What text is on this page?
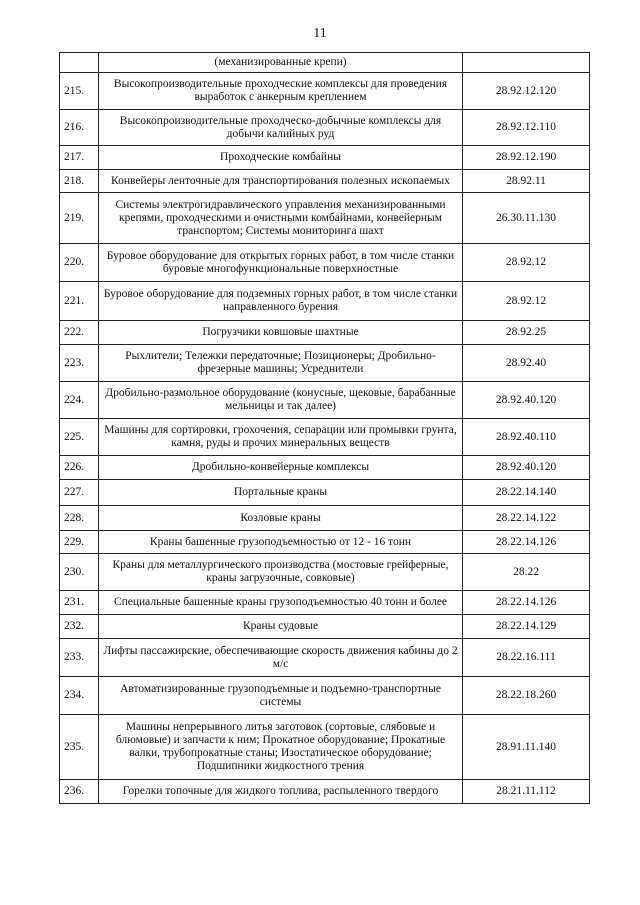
11
	(механизированные крепи)	
215.	Высокопроизводительные проходческие комплексы для проведения выработок с анкерным креплением	28.92.12.120
216.	Высокопроизводительные проходческо-добычные комплексы для добычи калийных руд	28.92.12.110
217.	Проходческие комбайны	28.92.12.190
218.	Конвейеры ленточные для транспортирования полезных ископаемых	28.92.11
219.	Системы электрогидравлического управления механизированными крепями, проходческими и очистными комбайнами, конвейерным транспортом; Системы мониторинга шахт	26.30.11.130
220.	Буровое оборудование для открытых горных работ, в том числе станки буровые многофункциональные поверхностные	28.92.12
221.	Буровое оборудование для подземных горных работ, в том числе станки направленного бурения	28.92.12
222.	Погрузчики ковшовые шахтные	28.92.25
223.	Рыхлители; Тележки передаточные; Позиционеры; Дробильно-фрезерные машины; Усреднители	28.92.40
224.	Дробильно-размольное оборудование (конусные, щековые, барабанные мельницы и так далее)	28.92.40.120
225.	Машины для сортировки, грохочения, сепарации или промывки грунта, камня, руды и прочих минеральных веществ	28.92.40.110
226.	Дробильно-конвейерные комплексы	28.92.40.120
227.	Портальные краны	28.22.14.140
228.	Козловые краны	28.22.14.122
229.	Краны башенные грузоподъемностью от 12 - 16 тонн	28.22.14.126
230.	Краны для металлургического производства (мостовые грейферные, краны загрузочные, совковые)	28.22
231.	Специальные башенные краны грузоподъемностью 40 тонн и более	28.22.14.126
232.	Краны судовые	28.22.14.129
233.	Лифты пассажирские, обеспечивающие скорость движения кабины до 2 м/с	28.22.16.111
234.	Автоматизированные грузоподъемные и подъемно-транспортные системы	28.22.18.260
235.	Машины непрерывного литья заготовок (сортовые, слябовые и блюмовые) и запчасти к ним; Прокатное оборудование; Прокатные валки, трубопрокатные станы; Изостатическое оборудование; Подшипники жидкостного трения	28.91.11.140
236.	Горелки топочные для жидкого топлива, распыленного твердого	28.21.11.112
